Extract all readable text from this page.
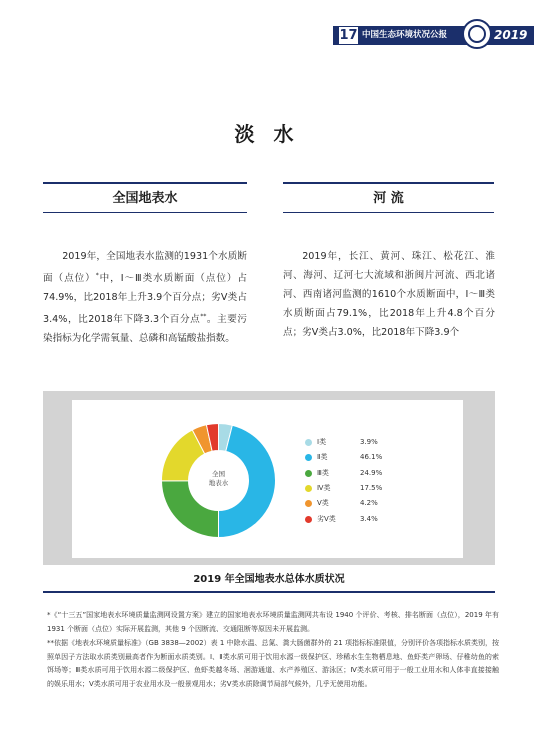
17 中国生态环境状况公报	2019
淡 水
全国地表水	河 流
2019年，全国地表水监测的1931个水质断面（点位）*中，Ⅰ～Ⅲ类水质断面（点位）占74.9%，比2018年上升3.9个百分点；劣Ⅴ类占3.4%，比2018年下降3.3个百分点**。主要污染指标为化学需氧量、总磷和高锰酸盐指数。
2019年，长江、黄河、珠江、松花江、淮河、海河、辽河七大流域和浙闽片河流、西北诸河、西南诸河监测的1610个水质断面中，Ⅰ～Ⅲ类水质断面占79.1%，比2018年上升4.8个百分点；劣Ⅴ类占3.0%，比2018年下降3.9个
全国
地表水
Ⅰ类	3.9%
Ⅱ类	46.1%
Ⅲ类	24.9%
Ⅳ类	17.5%
Ⅴ类	4.2%
劣Ⅴ类	3.4%
2019 年全国地表水总体水质状况
*《“十三五”国家地表水环境质量监测网设置方案》建立的国家地表水环境质量监测网共布设 1940 个评价、考核、排名断面（点位），2019 年有 1931 个断面（点位）实际开展监测，其他 9 个因断流、交通阻断等原因未开展监测。
**依据《地表水环境质量标准》（GB 3838—2002）表 1 中除水温、总氮、粪大肠菌群外的 21 项指标标准限值，分别评价各项指标水质类别，按照单因子方法取水质类别最高者作为断面水质类别。Ⅰ、Ⅱ类水质可用于饮用水源一级保护区、珍稀水生生物栖息地、鱼虾类产卵场、仔稚幼鱼的索饵场等；Ⅲ类水质可用于饮用水源二级保护区、鱼虾类越冬场、洄游通道、水产养殖区、游泳区；Ⅳ类水质可用于一般工业用水和人体非直接接触的娱乐用水；Ⅴ类水质可用于农业用水及一般景观用水；劣Ⅴ类水质除调节局部气候外，几乎无使用功能。
